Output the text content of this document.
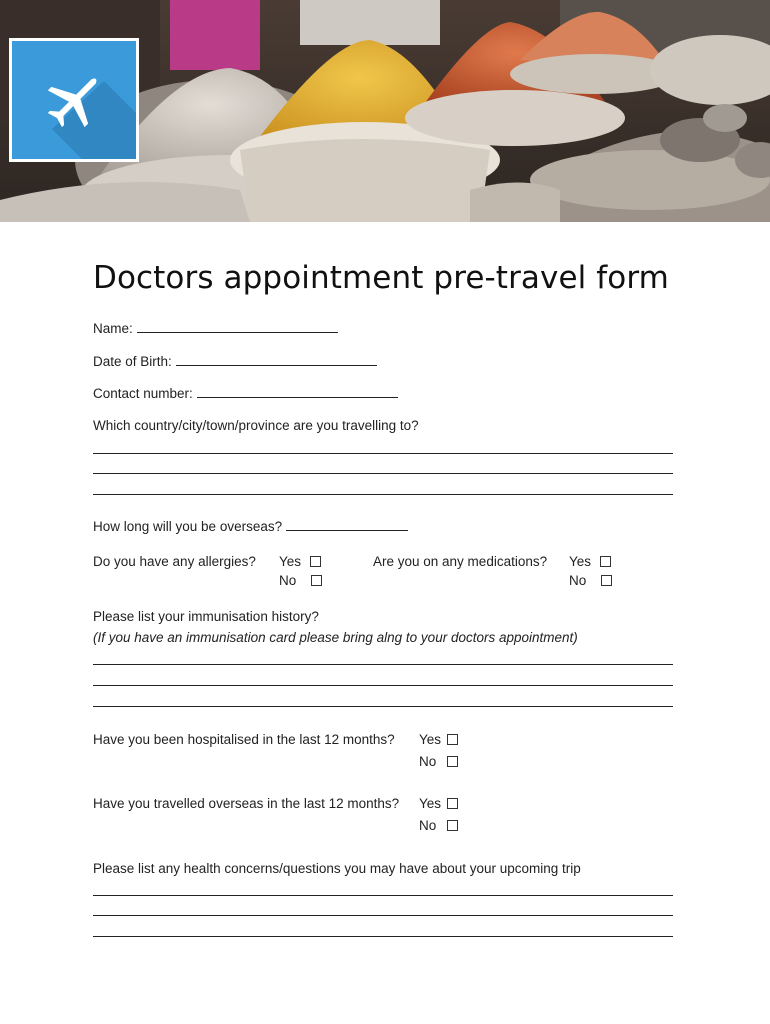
Doctors appointment pre-travel form
Name:
Date of Birth:
Contact number:
Which country/city/town/province are you travelling to?
How long will you be overseas?
Do you have any allergies? Yes
No
Are you on any medications? Yes
No
Please list your immunisation history?
(If you have an immunisation card please bring alng to your doctors appointment)
Have you been hospitalised in the last 12 months? Yes
No
Have you travelled overseas in the last 12 months? Yes
No
Please list any health concerns/questions you may have about your upcoming trip
